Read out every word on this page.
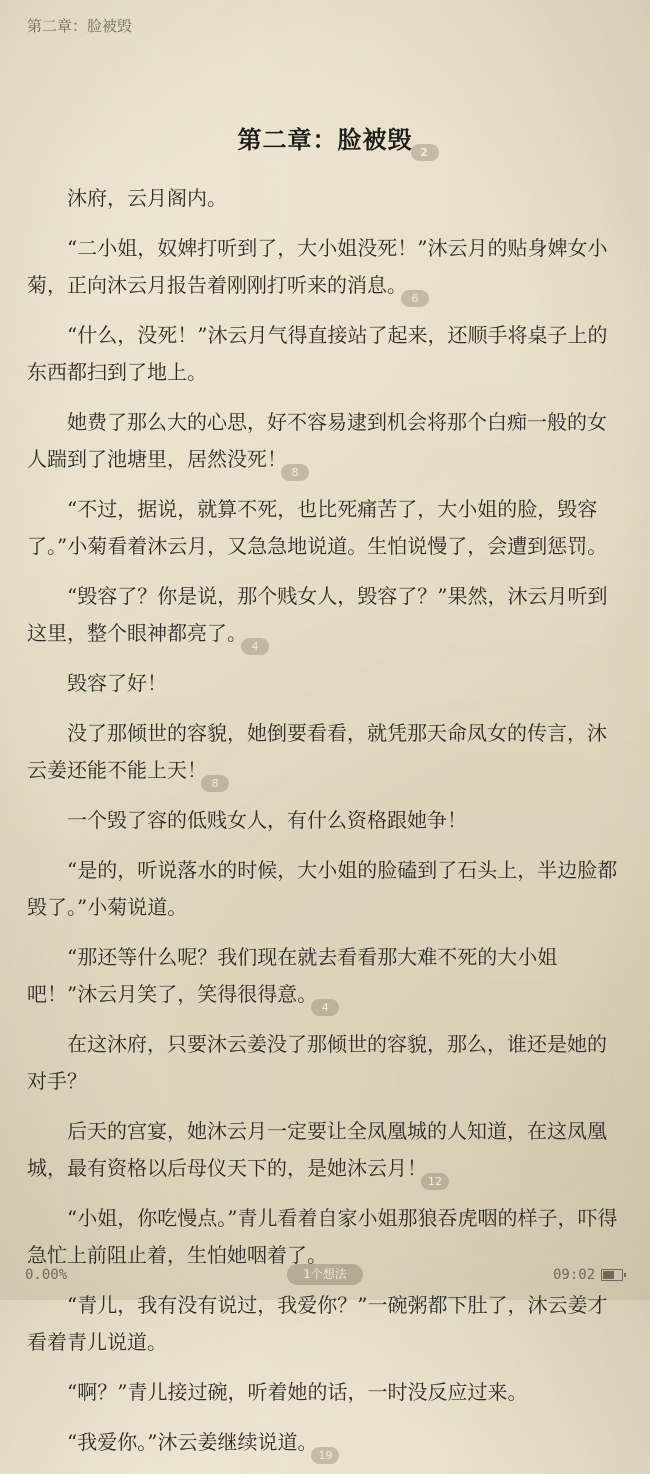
第二章：脸被毁
第二章：脸被毁 2

沐府，云月阁内。

“二小姐，奴婢打听到了，大小姐没死！”沐云月的贴身婢女小菊，正向沐云月报告着刚刚打听来的消息。6

“什么，没死！”沐云月气得直接站了起来，还顺手将桌子上的东西都扫到了地上。

她费了那么大的心思，好不容易逮到机会将那个白痴一般的女人踹到了池塘里，居然没死！8

“不过，据说，就算不死，也比死痛苦了，大小姐的脸，毁容了。”小菊看着沐云月，又急急地说道。生怕说慢了，会遭到惩罚。

“毁容了？你是说，那个贱女人，毁容了？”果然，沐云月听到这里，整个眼神都亮了。4

毁容了好！

没了那倾世的容貌，她倒要看看，就凭那天命凤女的传言，沐云姜还能不能上天！8

一个毁了容的低贱女人，有什么资格跟她争！

“是的，听说落水的时候，大小姐的脸磕到了石头上，半边脸都毁了。”小菊说道。

“那还等什么呢？我们现在就去看看那大难不死的大小姐吧！”沐云月笑了，笑得很得意。4

在这沐府，只要沐云姜没了那倾世的容貌，那么，谁还是她的对手？

后天的宫宴，她沐云月一定要让全凤凰城的人知道，在这凤凰城，最有资格以后母仪天下的，是她沐云月！12

“小姐，你吃慢点。”青儿看着自家小姐那狼吞虎咽的样子，吓得急忙上前阻止着，生怕她咽着了。

“青儿，我有没有说过，我爱你？”一碗粥都下肚了，沐云姜才看着青儿说道。

“啊？”青儿接过碗，听着她的话，一时没反应过来。

“我爱你。”沐云姜继续说道。19

0.00%	1个想法	09:02
